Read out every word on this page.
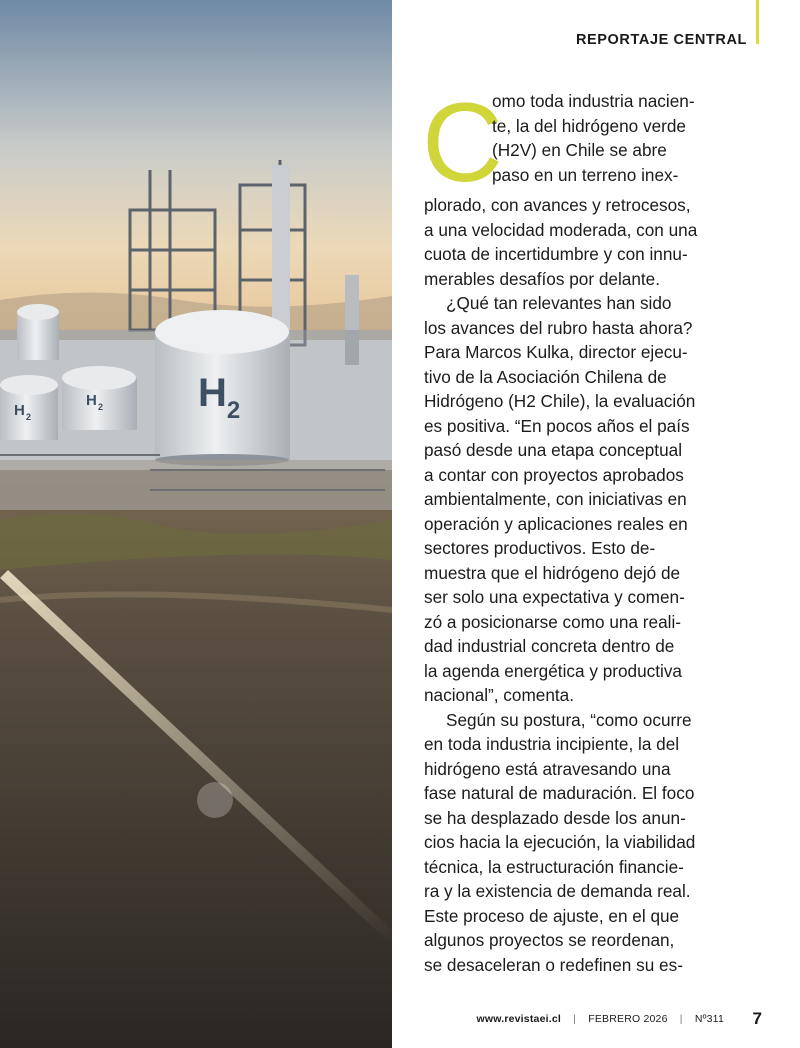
H 2
H 2 $H_2$
REPORTAJE CENTRAL

C
omo toda industria nacien-
te, la del hidrógeno verde
(H2V) en Chile se abre
paso en un terreno inex-
plorado, con avances y retrocesos,
a una velocidad moderada, con una
cuota de incertidumbre y con innu-
merables desafíos por delante.

¿Qué tan relevantes han sido

los avances del rubro hasta ahora?
Para Marcos Kulka, director ejecu-
tivo de la Asociación Chilena de
Hidrógeno (H2 Chile), la evaluación
es positiva. “En pocos años el país
pasó desde una etapa conceptual
a contar con proyectos aprobados
ambientalmente, con iniciativas en
operación y aplicaciones reales en
sectores productivos. Esto de-
muestra que el hidrógeno dejó de
ser solo una expectativa y comen-
zó a posicionarse como una reali-
dad industrial concreta dentro de
la agenda energética y productiva
nacional”, comenta.

Según su postura, “como ocurre

en toda industria incipiente, la del
hidrógeno está atravesando una
fase natural de maduración. El foco
se ha desplazado desde los anun-
cios hacia la ejecución, la viabilidad
técnica, la estructuración financie-
ra y la existencia de demanda real.
Este proceso de ajuste, en el que
algunos proyectos se reordenan,
se desaceleran o redefinen su es-

www.revistaei.cl | FEBRERO 2026 | Nº311 7
